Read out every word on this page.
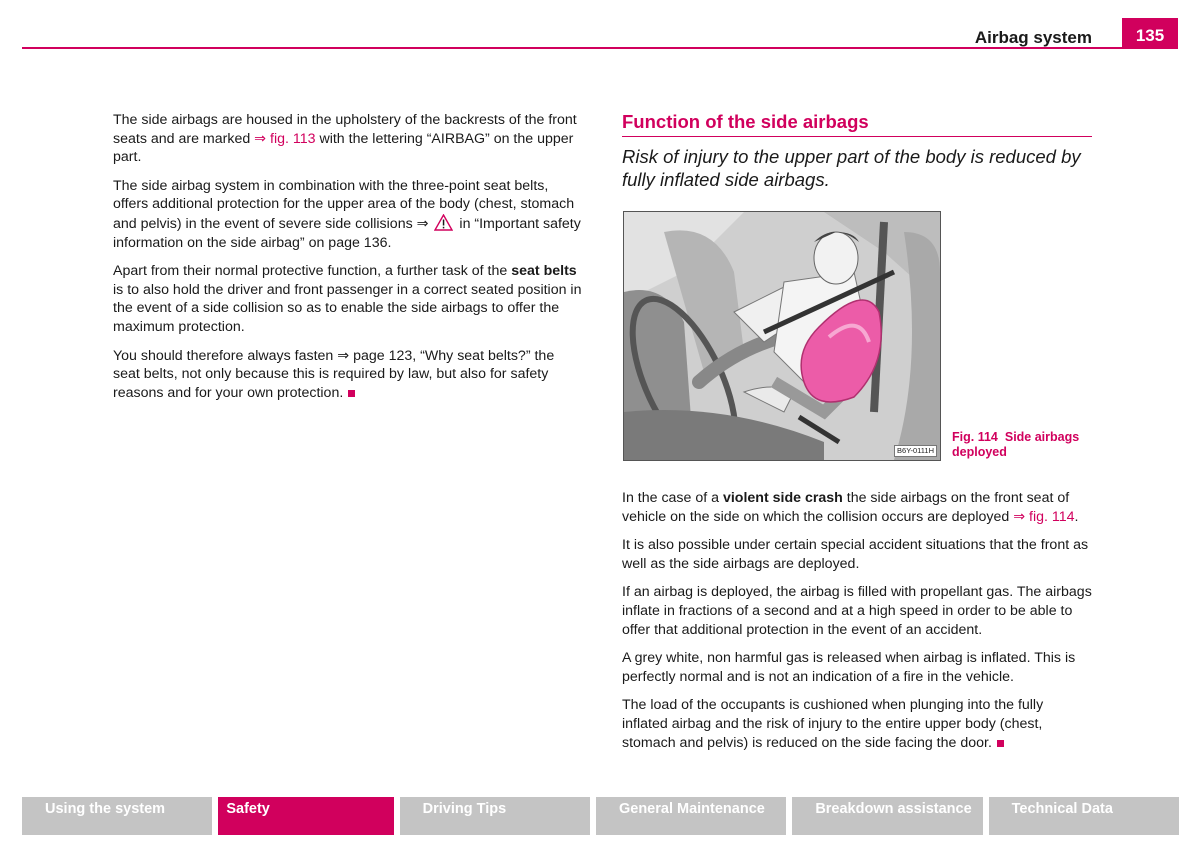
Airbag system	135

The side airbags are housed in the upholstery of the backrests of the front seats and are marked ⇒ fig. 113 with the lettering “AIRBAG” on the upper part.

The side airbag system in combination with the three-point seat belts, offers additional protection for the upper area of the body (chest, stomach and pelvis) in the event of severe side collisions ⇒  in “Important safety information on the side airbag” on page 136.

Apart from their normal protective function, a further task of the seat belts is to also hold the driver and front passenger in a correct seated position in the event of a side collision so as to enable the side airbags to offer the maximum protection.

You should therefore always fasten ⇒ page 123, “Why seat belts?” the seat belts, not only because this is required by law, but also for safety reasons and for your own protection.

Function of the side airbags
Risk of injury to the upper part of the body is reduced by fully inflated side airbags.
B6Y-0111H
Fig. 114 Side airbags deployed

In the case of a violent side crash the side airbags on the front seat of vehicle on the side on which the collision occurs are deployed ⇒ fig. 114.

It is also possible under certain special accident situations that the front as well as the side airbags are deployed.

If an airbag is deployed, the airbag is filled with propellant gas. The airbags inflate in fractions of a second and at a high speed in order to be able to offer that additional protection in the event of an accident.

A grey white, non harmful gas is released when airbag is inflated. This is perfectly normal and is not an indication of a fire in the vehicle.

The load of the occupants is cushioned when plunging into the fully inflated airbag and the risk of injury to the entire upper body (chest, stomach and pelvis) is reduced on the side facing the door.

Using the system	Safety	Driving Tips	General Maintenance	Breakdown assistance	Technical Data
